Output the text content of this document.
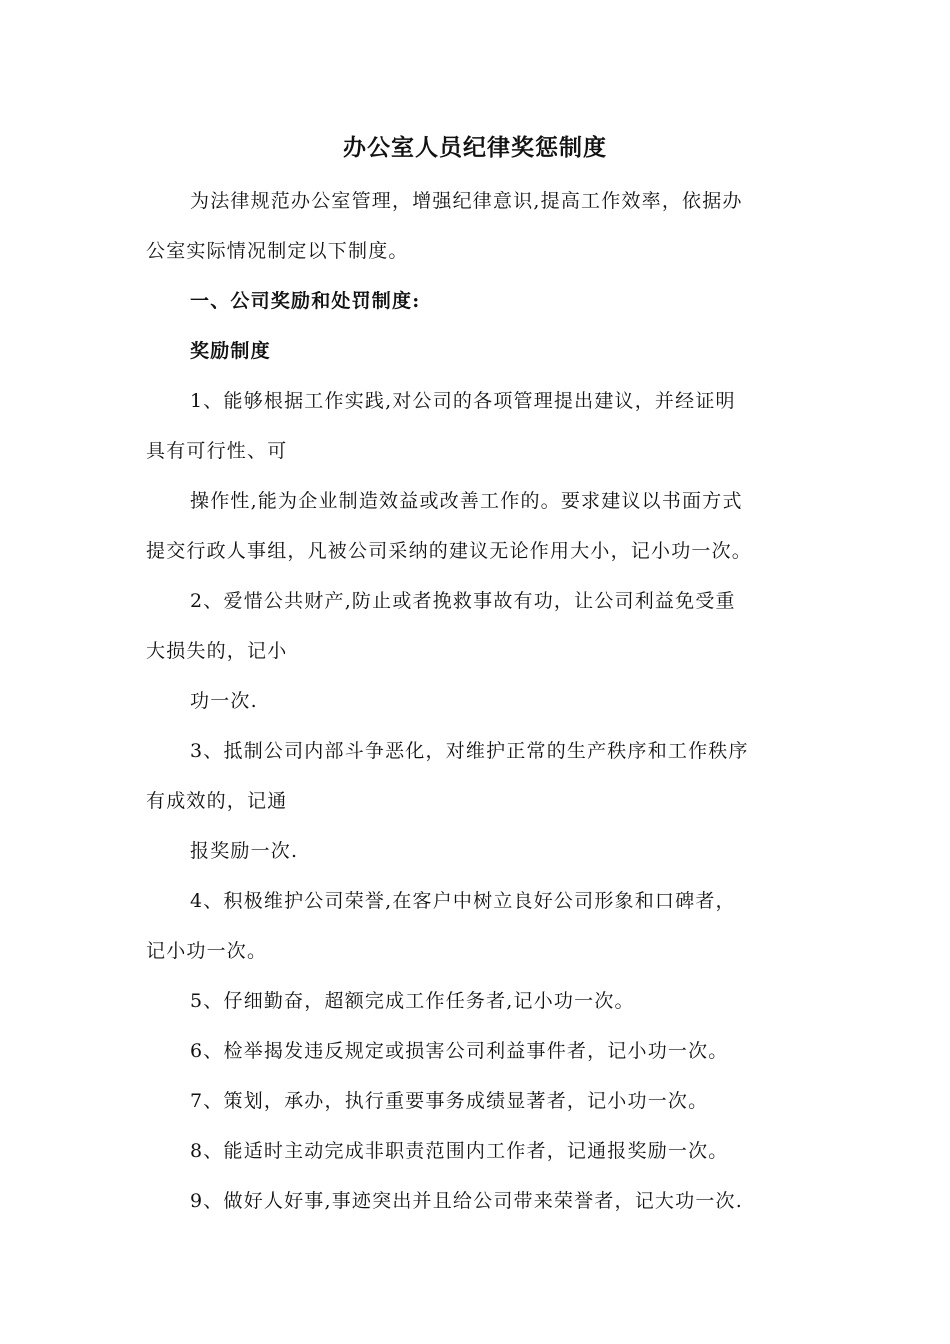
办公室人员纪律奖惩制度
为法律规范办公室管理，增强纪律意识,提高工作效率，依据办
公室实际情况制定以下制度。
一、公司奖励和处罚制度:
奖励制度
1、能够根据工作实践,对公司的各项管理提出建议，并经证明
具有可行性、可
操作性,能为企业制造效益或改善工作的。要求建议以书面方式
提交行政人事组，凡被公司采纳的建议无论作用大小，记小功一次。
2、爱惜公共财产,防止或者挽救事故有功，让公司利益免受重
大损失的，记小
功一次.
3、抵制公司内部斗争恶化，对维护正常的生产秩序和工作秩序
有成效的，记通
报奖励一次.
4、积极维护公司荣誉,在客户中树立良好公司形象和口碑者，
记小功一次。
5、仔细勤奋，超额完成工作任务者,记小功一次。
6、检举揭发违反规定或损害公司利益事件者，记小功一次。
7、策划，承办，执行重要事务成绩显著者，记小功一次。
8、能适时主动完成非职责范围内工作者，记通报奖励一次。
9、做好人好事,事迹突出并且给公司带来荣誉者，记大功一次.
